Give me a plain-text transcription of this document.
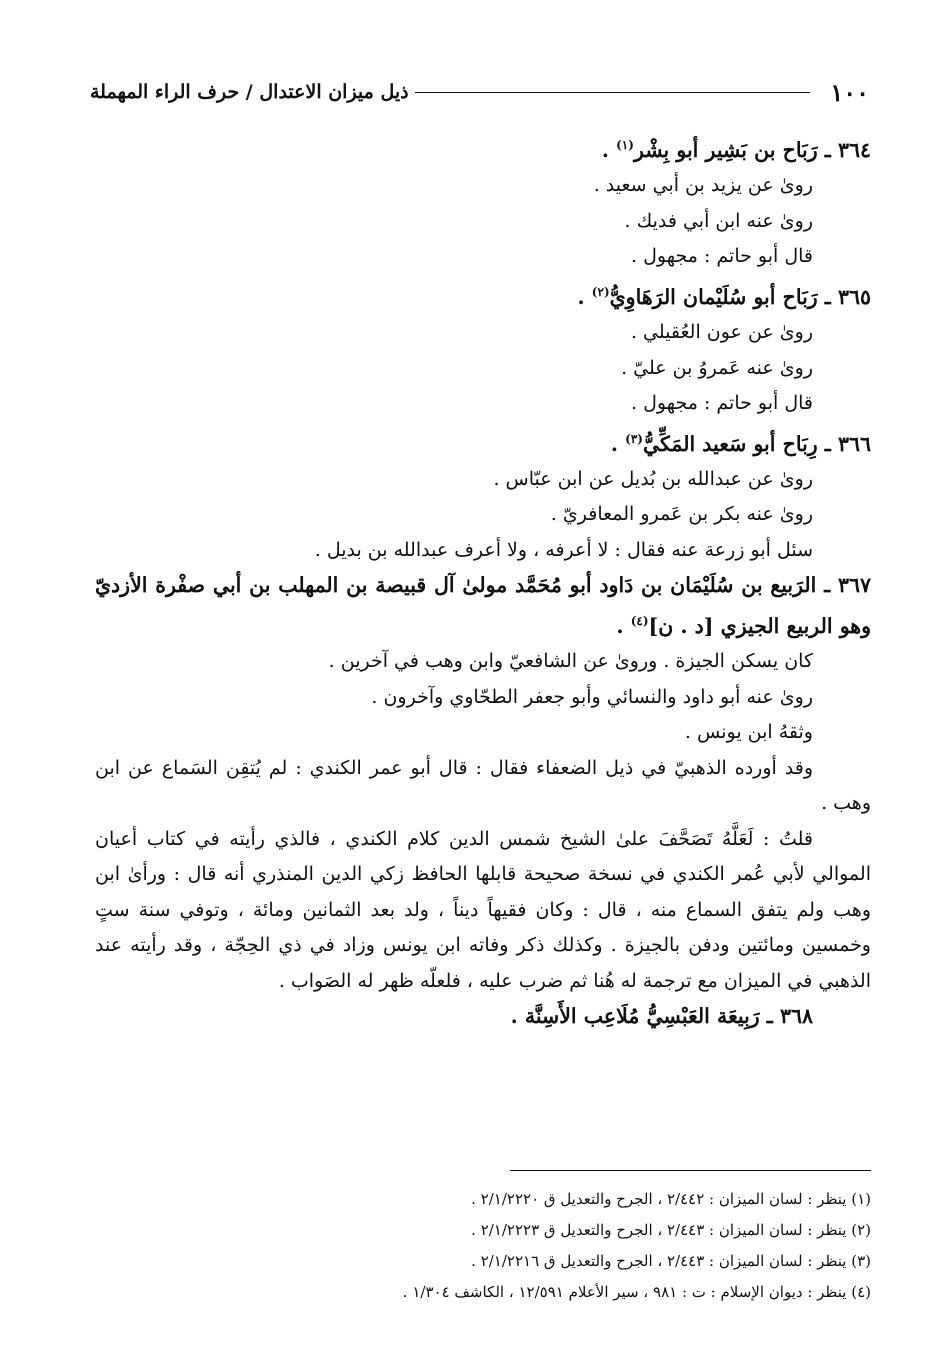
١٠٠
ذيل ميزان الاعتدال / حرف الراء المهملة
٣٦٤ ـ رَبَاح بن بَشِير أبو بِشْر$^{(١)}$ .
رویٰ عن يزيد بن أبي سعيد .
رویٰ عنه ابن أبي فديك .
قال أبو حاتم : مجهول .
٣٦٥ ـ رَبَاح أبو سُلَيْمان الرَهَاوِيُّ$^{(٢)}$ .
رویٰ عن عون العُقيلي .
رویٰ عنه عَمروُ بن عليّ .
قال أبو حاتم : مجهول .
٣٦٦ ـ رِبَاح أبو سَعيد المَكِّيُّ$^{(٣)}$ .
رویٰ عن عبدالله بن بُديل عن ابن عبّاس .
رویٰ عنه بكر بن عَمرو المعافريّ .
سئل أبو زرعة عنه فقال : لا أعرفه ، ولا أعرف عبدالله بن بديل .
٣٦٧ ـ الرَبيع بن سُلَيْمَان بن دَاود أبو مُحَمَّد مولىٰ آل قبيصة بن المهلب بن أبي صفْرة الأزديّ وهو الربيع الجيزي [د . ن]$^{(٤)}$ .
كان يسكن الجيزة . وروىٰ عن الشافعيّ وابن وهب في آخرين .
رویٰ عنه أبو داود والنسائي وأبو جعفر الطحّاوي وآخرون .
وثقهُ ابن يونس .
وقد أورده الذهبيّ في ذيل الضعفاء فقال : قال أبو عمر الكندي : لم يُتقِن السَماع عن ابن وهب .
قلتُ : لَعَلَّهُ تَصَحَّفَ علىٰ الشيخ شمس الدين كلام الكندي ، فالذي رأيته في كتاب أعيان الموالي لأبي عُمر الكندي في نسخة صحيحة قابلها الحافظ زكي الدين المنذري أنه قال : ورأىٰ ابن وهب ولم يتفق السماع منه ، قال : وكان فقيهاً ديناً ، ولد بعد الثمانين ومائة ، وتوفي سنة ستٍ وخمسين ومائتين ودفن بالجيزة . وكذلك ذكر وفاته ابن يونس وزاد في ذي الحِجّة ، وقد رأيته عند الذهبي في الميزان مع ترجمة له هُنا ثم ضرب عليه ، فلعلّه ظهر له الصَواب .
٣٦٨ ـ رَبِيعَة العَبْسِيُّ مُلَاعِب الأَسِنَّة .
(١) ينظر : لسان الميزان : ٢/٤٤٢ ، الجرح والتعديل ق ٢/١/٢٢٢٠ .
(٢) ينظر : لسان الميزان : ٢/٤٤٣ ، الجرح والتعديل ق ٢/١/٢٢٢٣ .
(٣) ينظر : لسان الميزان : ٢/٤٤٣ ، الجرح والتعديل ق ٢/١/٢٢١٦ .
(٤) ينظر : ديوان الإسلام : ت : ٩٨١ ، سير الأعلام ١٢/٥٩١ ، الكاشف ١/٣٠٤ .
